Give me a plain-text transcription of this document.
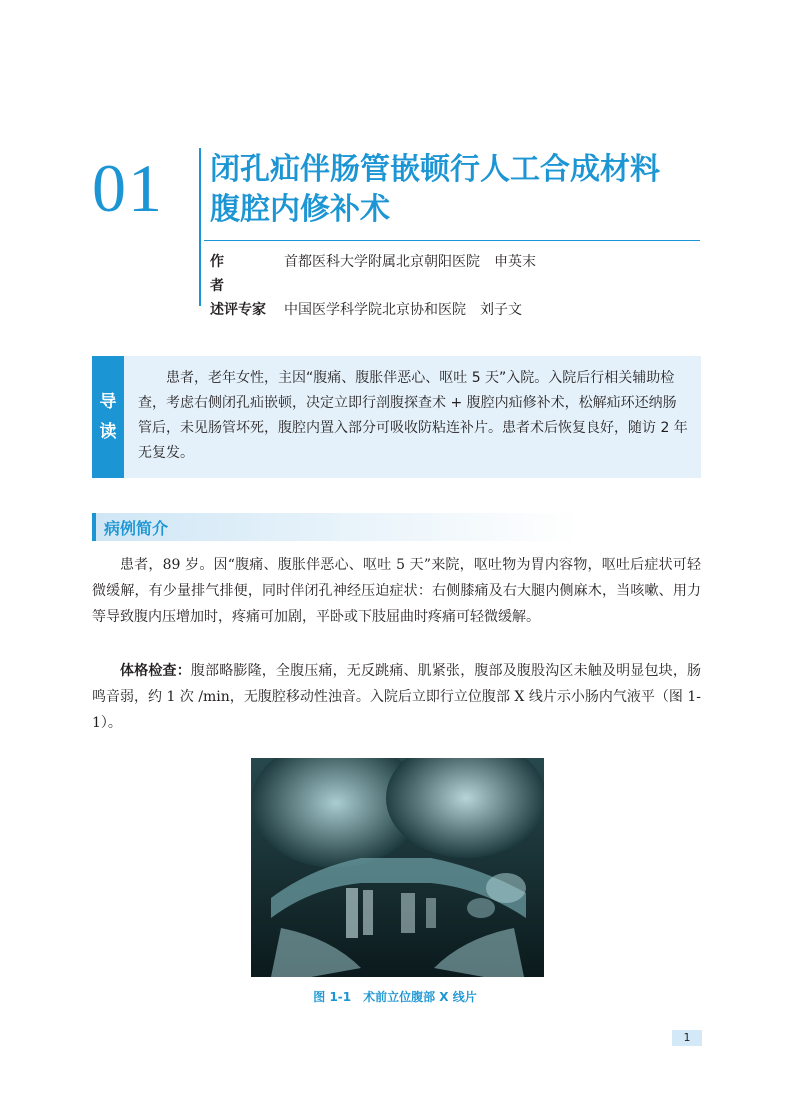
01 闭孔疝伴肠管嵌顿行人工合成材料
腹腔内修补术
作者
首都医科大学附属北京朝阳医院　申英末
述评专家	中国医学科学院北京协和医院　刘子文
导
读
患者，老年女性，主因“腹痛、腹胀伴恶心、呕吐 5 天”入院。入院后行相关辅助检查，考虑右侧闭孔疝嵌顿，决定立即行剖腹探查术 + 腹腔内疝修补术，松解疝环还纳肠管后，未见肠管坏死，腹腔内置入部分可吸收防粘连补片。患者术后恢复良好，随访 2 年无复发。
病例简介
患者，89 岁。因“腹痛、腹胀伴恶心、呕吐 5 天”来院，呕吐物为胃内容物，呕吐后症状可轻微缓解，有少量排气排便，同时伴闭孔神经压迫症状：右侧膝痛及右大腿内侧麻木，当咳嗽、用力等导致腹内压增加时，疼痛可加剧，平卧或下肢屈曲时疼痛可轻微缓解。
体格检查：腹部略膨隆，全腹压痛，无反跳痛、肌紧张，腹部及腹股沟区未触及明显包块，肠鸣音弱，约 1 次 /min，无腹腔移动性浊音。入院后立即行立位腹部 X 线片示小肠内气液平（图 1-1）。
图 1-1　术前立位腹部 X 线片
1
